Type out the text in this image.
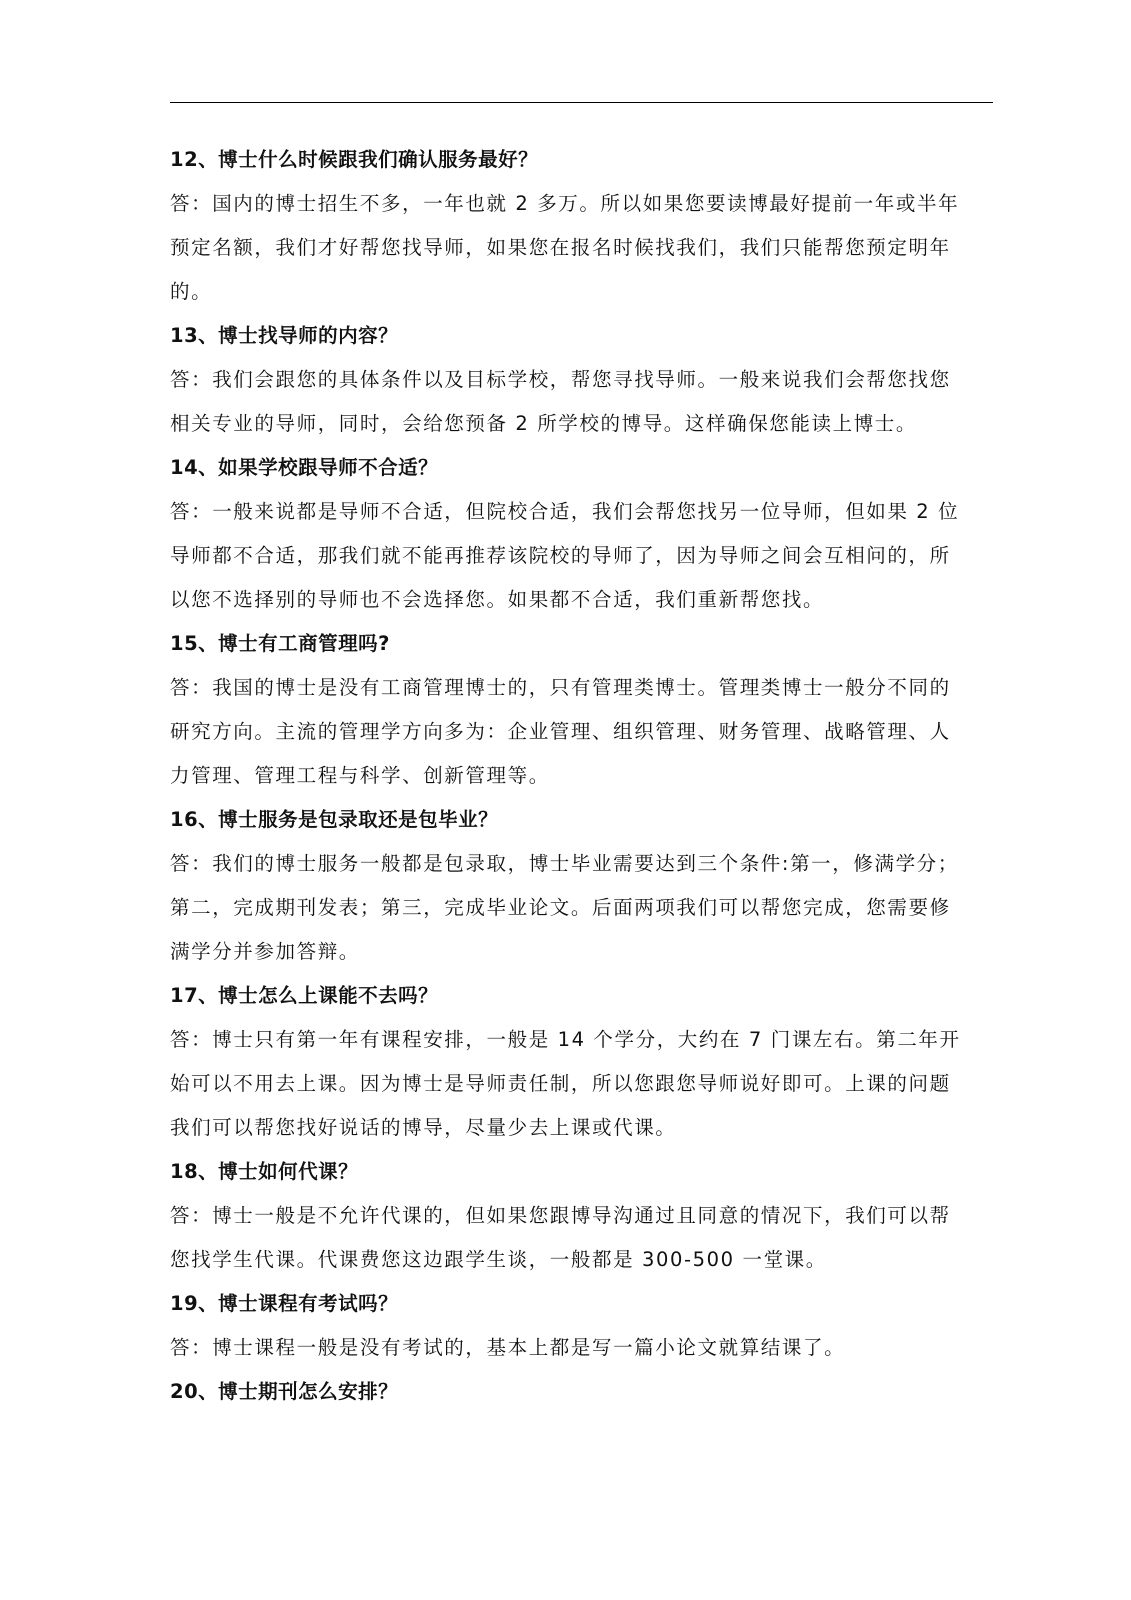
12、博士什么时候跟我们确认服务最好？

答：国内的博士招生不多，一年也就 2 多万。所以如果您要读博最好提前一年或半年
预定名额，我们才好帮您找导师，如果您在报名时候找我们，我们只能帮您预定明年
的。

13、博士找导师的内容？

答：我们会跟您的具体条件以及目标学校，帮您寻找导师。一般来说我们会帮您找您
相关专业的导师，同时，会给您预备 2 所学校的博导。这样确保您能读上博士。

14、如果学校跟导师不合适？

答：一般来说都是导师不合适，但院校合适，我们会帮您找另一位导师，但如果 2 位
导师都不合适，那我们就不能再推荐该院校的导师了，因为导师之间会互相问的，所
以您不选择别的导师也不会选择您。如果都不合适，我们重新帮您找。

15、博士有工商管理吗?

答：我国的博士是没有工商管理博士的，只有管理类博士。管理类博士一般分不同的
研究方向。主流的管理学方向多为：企业管理、组织管理、财务管理、战略管理、人
力管理、管理工程与科学、创新管理等。

16、博士服务是包录取还是包毕业？

答：我们的博士服务一般都是包录取，博士毕业需要达到三个条件:第一，修满学分；
第二，完成期刊发表；第三，完成毕业论文。后面两项我们可以帮您完成，您需要修
满学分并参加答辩。

17、博士怎么上课能不去吗？

答：博士只有第一年有课程安排，一般是 14 个学分，大约在 7 门课左右。第二年开
始可以不用去上课。因为博士是导师责任制，所以您跟您导师说好即可。上课的问题
我们可以帮您找好说话的博导，尽量少去上课或代课。

18、博士如何代课？

答：博士一般是不允许代课的，但如果您跟博导沟通过且同意的情况下，我们可以帮
您找学生代课。代课费您这边跟学生谈，一般都是 300-500 一堂课。

19、博士课程有考试吗？

答：博士课程一般是没有考试的，基本上都是写一篇小论文就算结课了。

20、博士期刊怎么安排？
